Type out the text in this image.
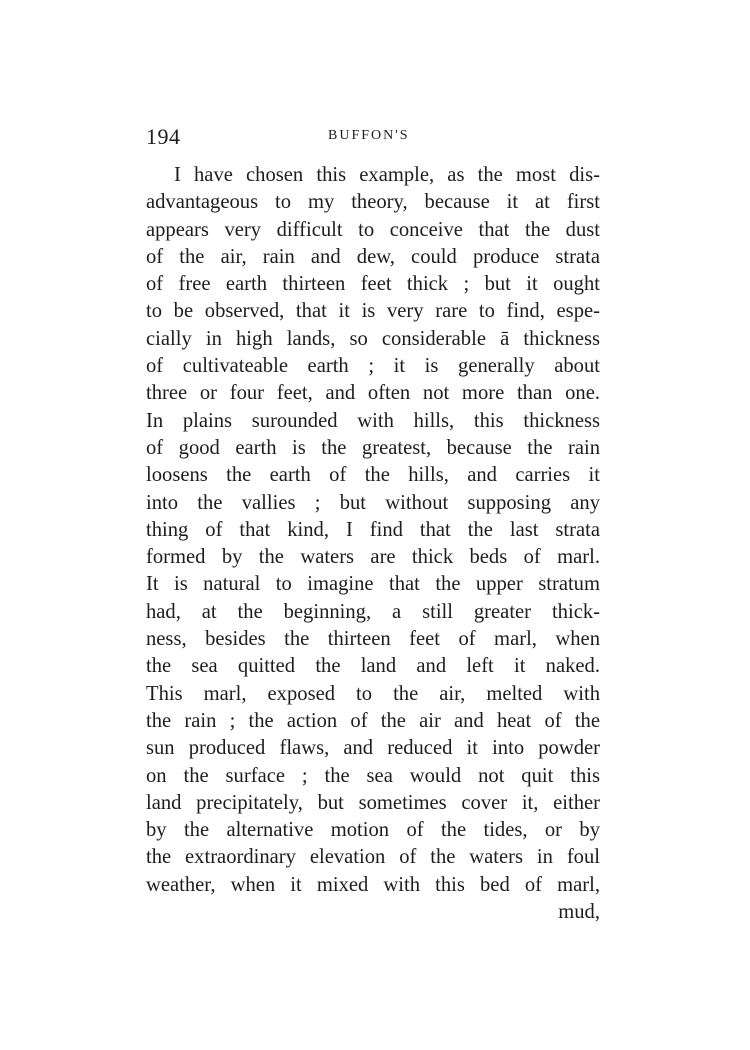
194	BUFFON'S
I have chosen this example, as the most dis-
advantageous to my theory, because it at first
appears very difficult to conceive that the dust
of the air, rain and dew, could produce strata
of free earth thirteen feet thick ; but it ought
to be observed, that it is very rare to find, espe-
cially in high lands, so considerable ā thickness
of cultivateable earth ; it is generally about
three or four feet, and often not more than one.
In plains surounded with hills, this thickness
of good earth is the greatest, because the rain
loosens the earth of the hills, and carries it
into the vallies ; but without supposing any
thing of that kind, I find that the last strata
formed by the waters are thick beds of marl.
It is natural to imagine that the upper stratum
had, at the beginning, a still greater thick-
ness, besides the thirteen feet of marl, when
the sea quitted the land and left it naked.
This marl, exposed to the air, melted with
the rain ; the action of the air and heat of the
sun produced flaws, and reduced it into powder
on the surface ; the sea would not quit this
land precipitately, but sometimes cover it, either
by the alternative motion of the tides, or by
the extraordinary elevation of the waters in foul
weather, when it mixed with this bed of marl,
mud,
